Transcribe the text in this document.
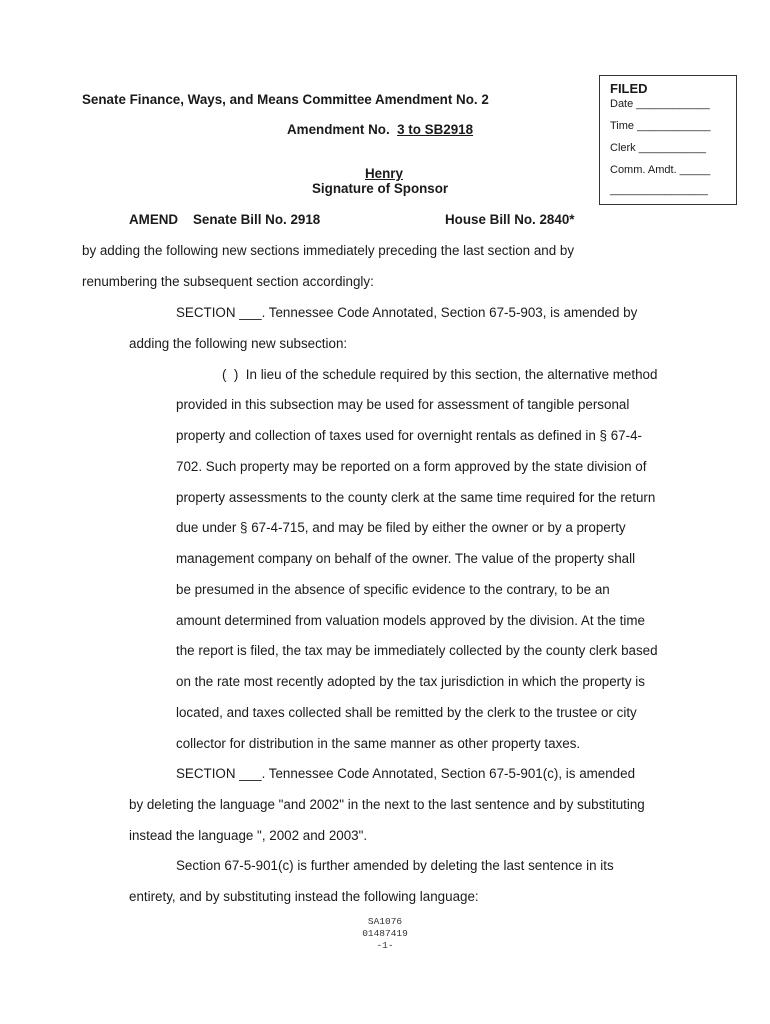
Senate Finance, Ways, and Means Committee Amendment No. 2
Amendment No. 3 to SB2918
Henry
Signature of Sponsor
FILED
Date ____________
Time ____________
Clerk ___________
Comm. Amdt. _____
________________
AMEND    Senate Bill No. 2918	House Bill No. 2840*
by adding the following new sections immediately preceding the last section and by
renumbering the subsequent section accordingly:
SECTION ___. Tennessee Code Annotated, Section 67-5-903, is amended by
adding the following new subsection:
(  )  In lieu of the schedule required by this section, the alternative method
provided in this subsection may be used for assessment of tangible personal
property and collection of taxes used for overnight rentals as defined in § 67-4-
702. Such property may be reported on a form approved by the state division of
property assessments to the county clerk at the same time required for the return
due under § 67-4-715, and may be filed by either the owner or by a property
management company on behalf of the owner. The value of the property shall
be presumed in the absence of specific evidence to the contrary, to be an
amount determined from valuation models approved by the division. At the time
the report is filed, the tax may be immediately collected by the county clerk based
on the rate most recently adopted by the tax jurisdiction in which the property is
located, and taxes collected shall be remitted by the clerk to the trustee or city
collector for distribution in the same manner as other property taxes.
SECTION ___. Tennessee Code Annotated, Section 67-5-901(c), is amended
by deleting the language "and 2002" in the next to the last sentence and by substituting
instead the language ", 2002 and 2003".
Section 67-5-901(c) is further amended by deleting the last sentence in its
entirety, and by substituting instead the following language:
SA1076
01487419
-1-
